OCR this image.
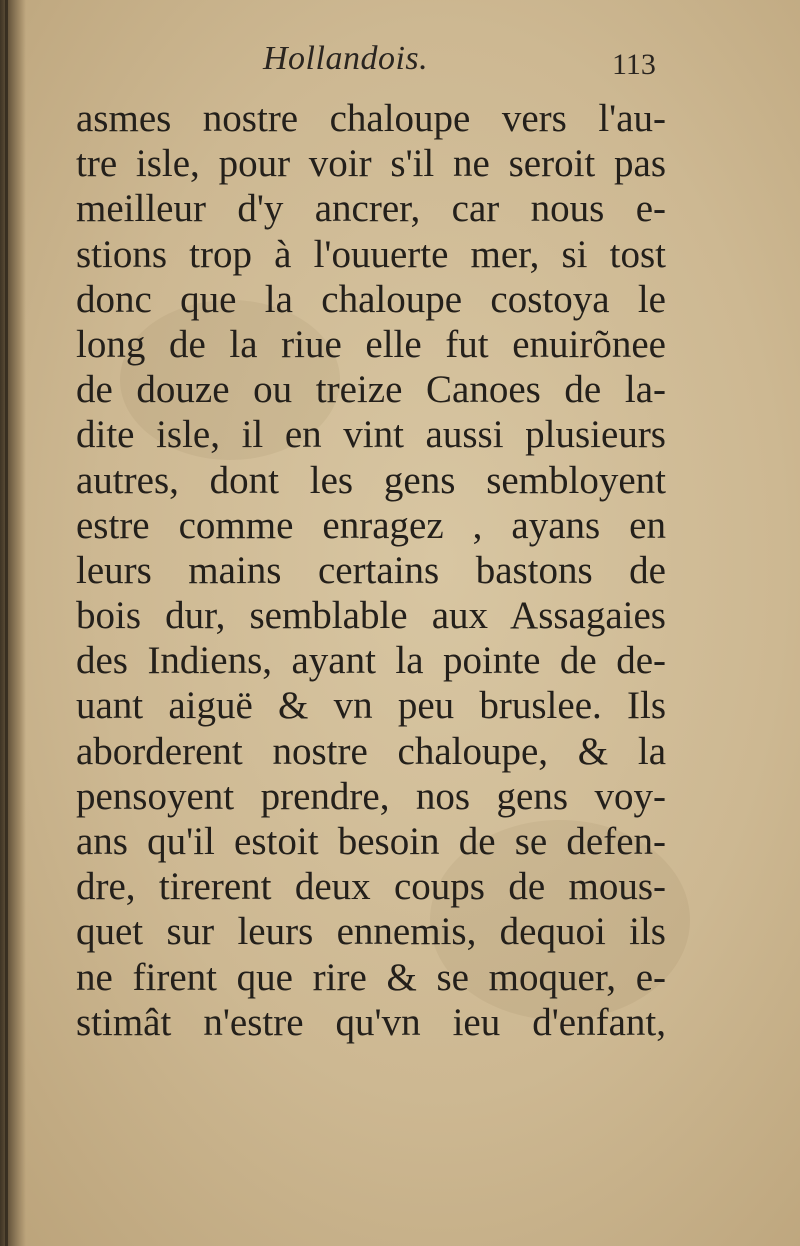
Hollandois.	113
asmes nostre chaloupe vers l'au-
tre isle, pour voir s'il ne seroit pas
meilleur d'y ancrer, car nous e-
stions trop à l'ouuerte mer, si tost
donc que la chaloupe costoya le
long de la riue elle fut enuirõnee
de douze ou treize Canoes de la-
dite isle, il en vint aussi plusieurs
autres, dont les gens sembloyent
estre comme enragez , ayans en
leurs mains certains bastons de
bois dur, semblable aux Assagaies
des Indiens, ayant la pointe de de-
uant aiguë & vn peu bruslee. Ils
aborderent nostre chaloupe, & la
pensoyent prendre, nos gens voy-
ans qu'il estoit besoin de se defen-
dre, tirerent deux coups de mous-
quet sur leurs ennemis, dequoi ils
ne firent que rire & se moquer, e-
stimât n'estre qu'vn ieu d'enfant,
